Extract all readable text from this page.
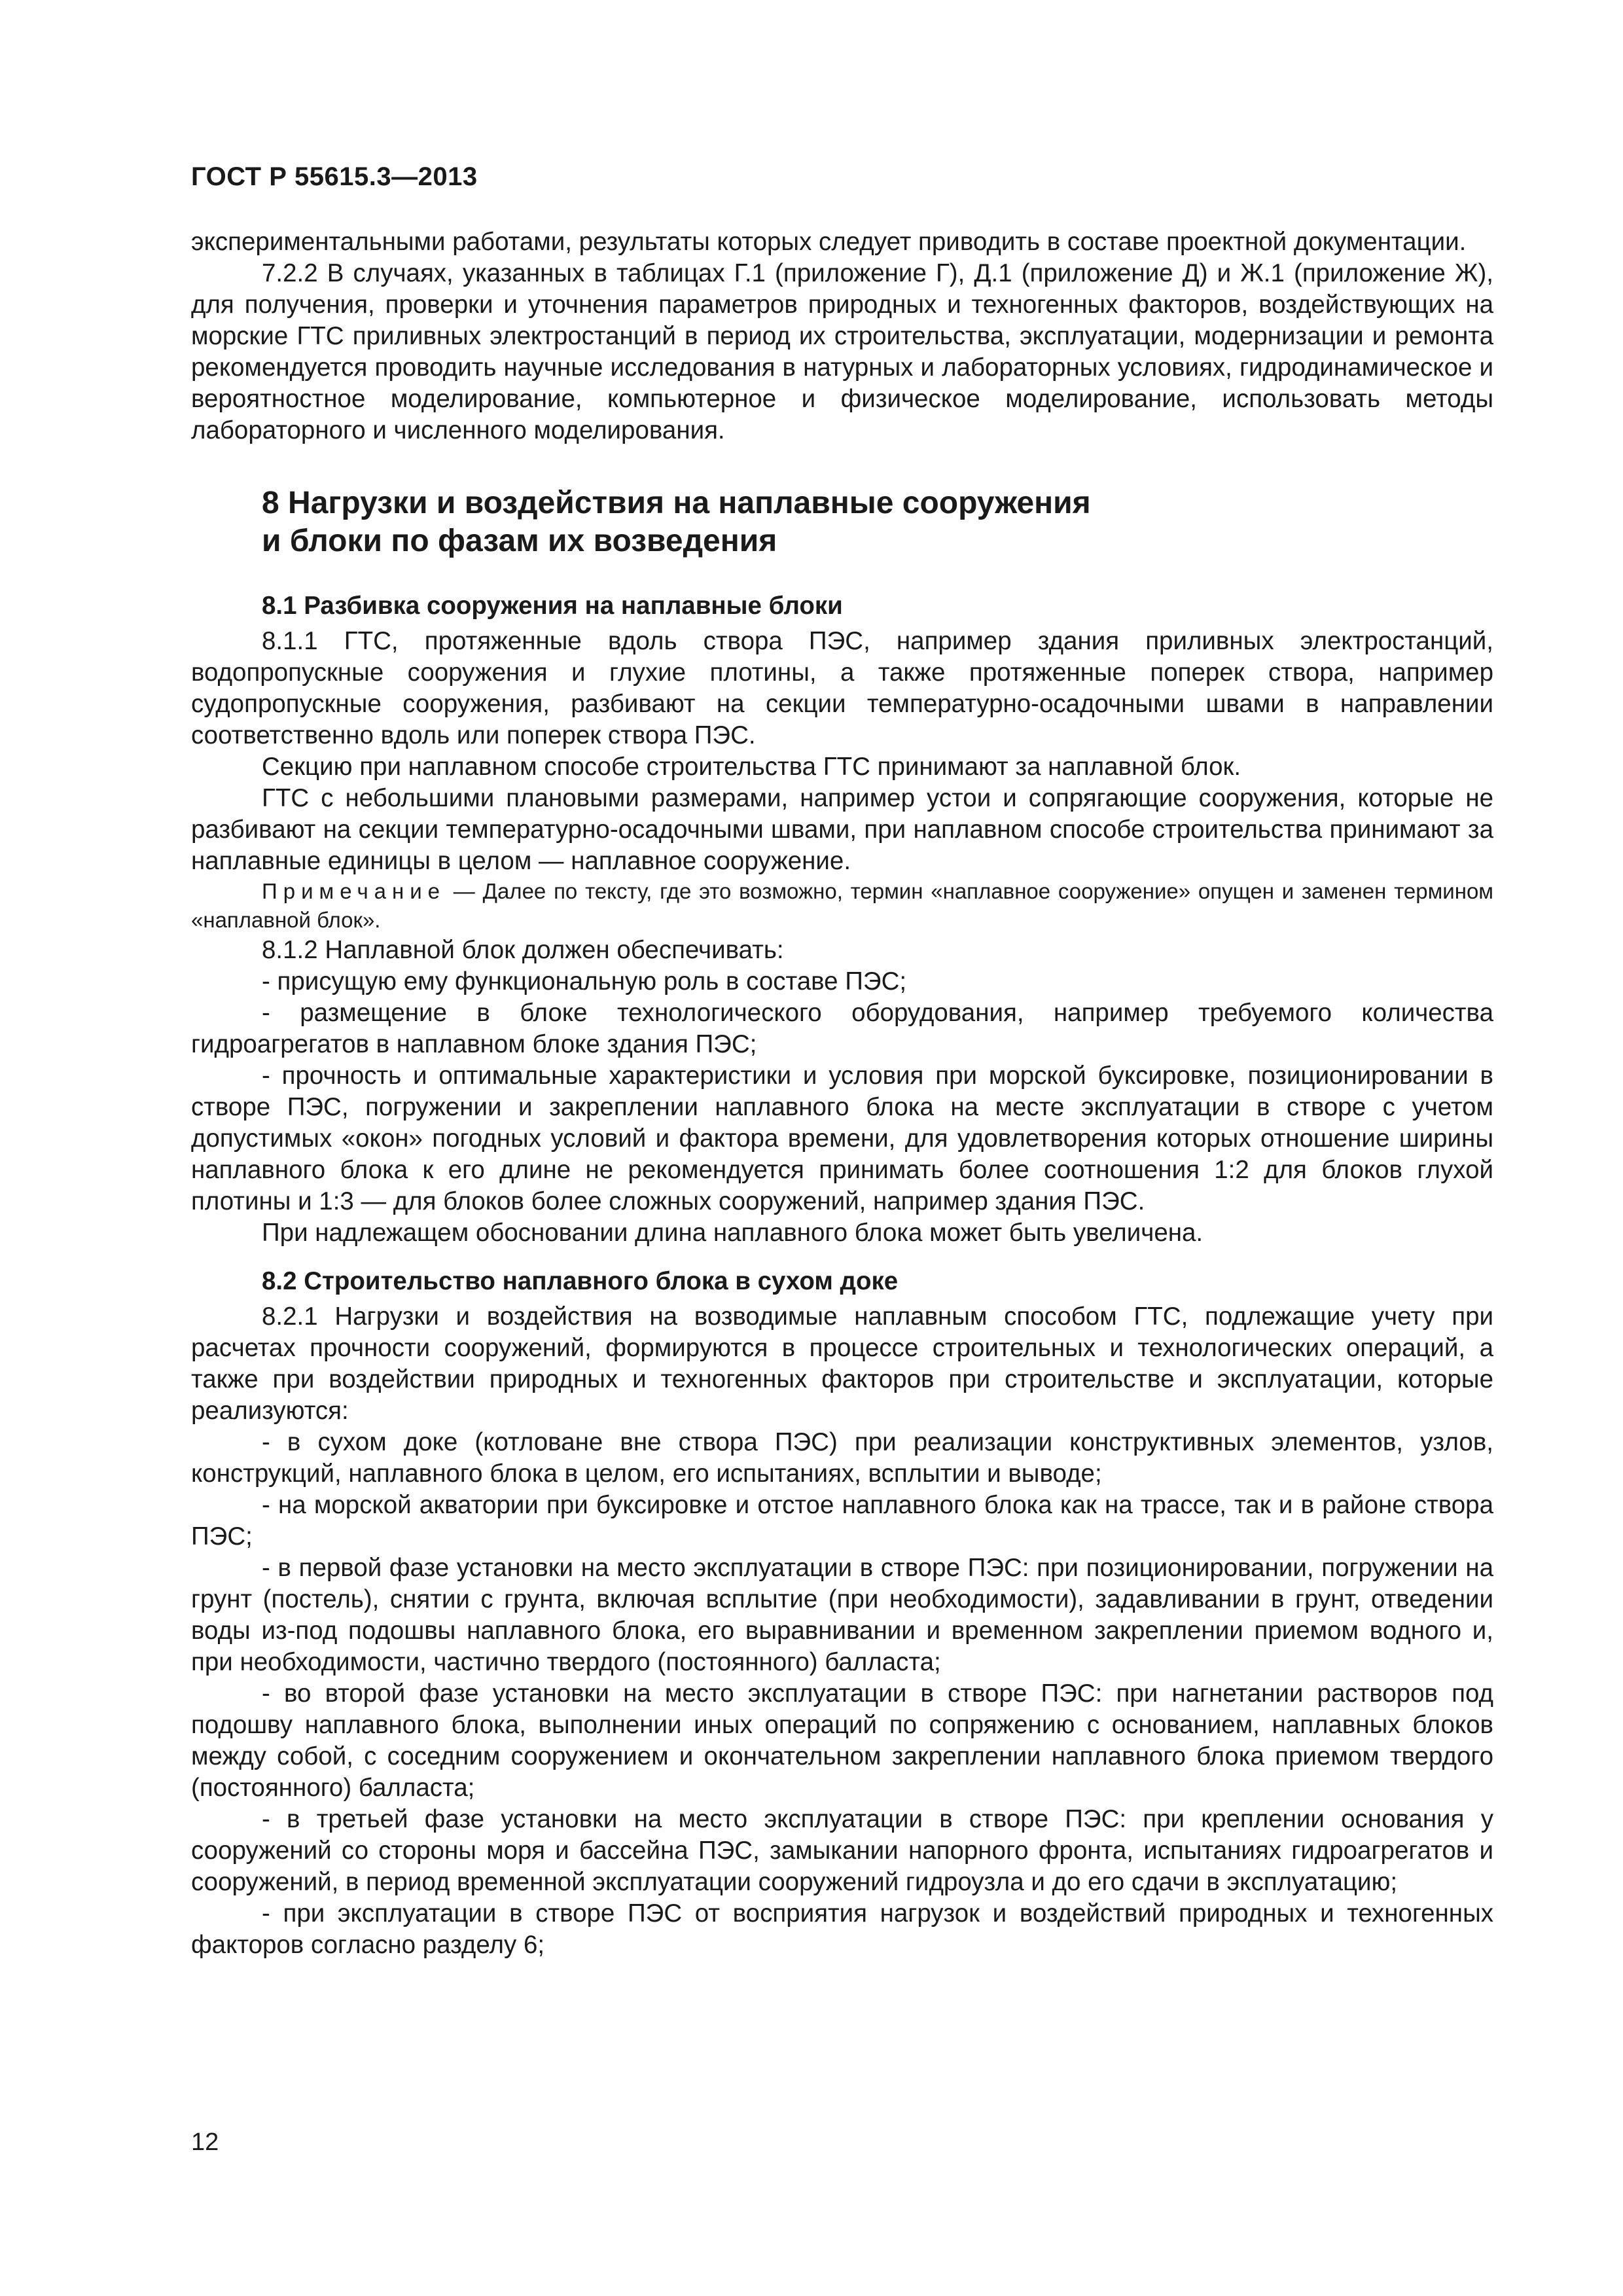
ГОСТ Р 55615.3—2013

экспериментальными работами, результаты которых следует приводить в составе проектной документации.

7.2.2 В случаях, указанных в таблицах Г.1 (приложение Г), Д.1 (приложение Д) и Ж.1 (приложение Ж), для получения, проверки и уточнения параметров природных и техногенных факторов, воздействующих на морские ГТС приливных электростанций в период их строительства, эксплуатации, модернизации и ремонта рекомендуется проводить научные исследования в натурных и лабораторных условиях, гидродинамическое и вероятностное моделирование, компьютерное и физическое моделирование, использовать методы лабораторного и численного моделирования.

8 Нагрузки и воздействия на наплавные сооружения
и блоки по фазам их возведения
8.1 Разбивка сооружения на наплавные блоки

8.1.1 ГТС, протяженные вдоль створа ПЭС, например здания приливных электростанций, водопропускные сооружения и глухие плотины, а также протяженные поперек створа, например судопропускные сооружения, разбивают на секции температурно-осадочными швами в направлении соответственно вдоль или поперек створа ПЭС.

Секцию при наплавном способе строительства ГТС принимают за наплавной блок.

ГТС с небольшими плановыми размерами, например устои и сопрягающие сооружения, которые не разбивают на секции температурно-осадочными швами, при наплавном способе строительства принимают за наплавные единицы в целом — наплавное сооружение.

Примечание — Далее по тексту, где это возможно, термин «наплавное сооружение» опущен и заменен термином «наплавной блок».

8.1.2 Наплавной блок должен обеспечивать:

- присущую ему функциональную роль в составе ПЭС;

- размещение в блоке технологического оборудования, например требуемого количества гидроагрегатов в наплавном блоке здания ПЭС;

- прочность и оптимальные характеристики и условия при морской буксировке, позиционировании в створе ПЭС, погружении и закреплении наплавного блока на месте эксплуатации в створе с учетом допустимых «окон» погодных условий и фактора времени, для удовлетворения которых отношение ширины наплавного блока к его длине не рекомендуется принимать более соотношения 1:2 для блоков глухой плотины и 1:3 — для блоков более сложных сооружений, например здания ПЭС.

При надлежащем обосновании длина наплавного блока может быть увеличена.

8.2 Строительство наплавного блока в сухом доке

8.2.1 Нагрузки и воздействия на возводимые наплавным способом ГТС, подлежащие учету при расчетах прочности сооружений, формируются в процессе строительных и технологических операций, а также при воздействии природных и техногенных факторов при строительстве и эксплуатации, которые реализуются:

- в сухом доке (котловане вне створа ПЭС) при реализации конструктивных элементов, узлов, конструкций, наплавного блока в целом, его испытаниях, всплытии и выводе;

- на морской акватории при буксировке и отстое наплавного блока как на трассе, так и в районе створа ПЭС;

- в первой фазе установки на место эксплуатации в створе ПЭС: при позиционировании, погружении на грунт (постель), снятии с грунта, включая всплытие (при необходимости), задавливании в грунт, отведении воды из-под подошвы наплавного блока, его выравнивании и временном закреплении приемом водного и, при необходимости, частично твердого (постоянного) балласта;

- во второй фазе установки на место эксплуатации в створе ПЭС: при нагнетании растворов под подошву наплавного блока, выполнении иных операций по сопряжению с основанием, наплавных блоков между собой, с соседним сооружением и окончательном закреплении наплавного блока приемом твердого (постоянного) балласта;

- в третьей фазе установки на место эксплуатации в створе ПЭС: при креплении основания у сооружений со стороны моря и бассейна ПЭС, замыкании напорного фронта, испытаниях гидроагрегатов и сооружений, в период временной эксплуатации сооружений гидроузла и до его сдачи в эксплуатацию;

- при эксплуатации в створе ПЭС от восприятия нагрузок и воздействий природных и техногенных факторов согласно разделу 6;

12
